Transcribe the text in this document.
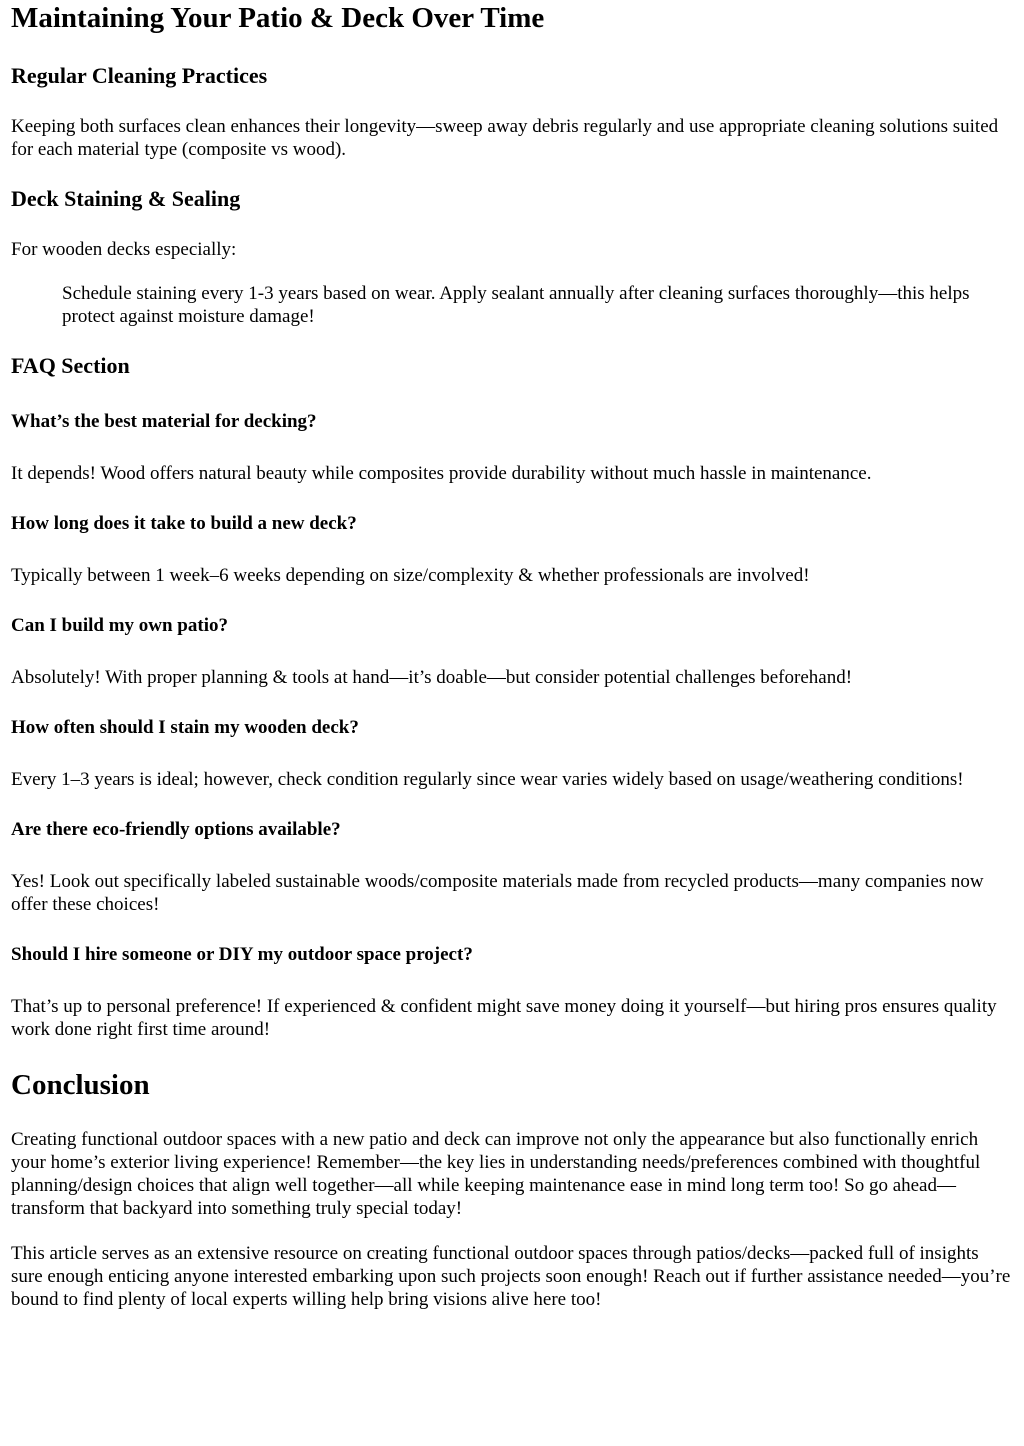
Maintaining Your Patio & Deck Over Time
Regular Cleaning Practices

Keeping both surfaces clean enhances their longevity—sweep away debris regularly and use appropriate cleaning solutions suited for each material type (composite vs wood).

Deck Staining & Sealing

For wooden decks especially:

Schedule staining every 1-3 years based on wear. Apply sealant annually after cleaning surfaces thoroughly—this helps protect against moisture damage!
FAQ Section
What’s the best material for decking?

It depends! Wood offers natural beauty while composites provide durability without much hassle in maintenance.

How long does it take to build a new deck?

Typically between 1 week–6 weeks depending on size/complexity & whether professionals are involved!

Can I build my own patio?

Absolutely! With proper planning & tools at hand—it’s doable—but consider potential challenges beforehand!

How often should I stain my wooden deck?

Every 1–3 years is ideal; however, check condition regularly since wear varies widely based on usage/weathering conditions!

Are there eco-friendly options available?

Yes! Look out specifically labeled sustainable woods/composite materials made from recycled products—many companies now offer these choices!

Should I hire someone or DIY my outdoor space project?

That’s up to personal preference! If experienced & confident might save money doing it yourself—but hiring pros ensures quality work done right first time around!

Conclusion

Creating functional outdoor spaces with a new patio and deck can improve not only the appearance but also functionally enrich your home’s exterior living experience! Remember—the key lies in understanding needs/preferences combined with thoughtful planning/design choices that align well together—all while keeping maintenance ease in mind long term too! So go ahead—transform that backyard into something truly special today!

This article serves as an extensive resource on creating functional outdoor spaces through patios/decks—packed full of insights sure enough enticing anyone interested embarking upon such projects soon enough! Reach out if further assistance needed—you’re bound to find plenty of local experts willing help bring visions alive here too!
